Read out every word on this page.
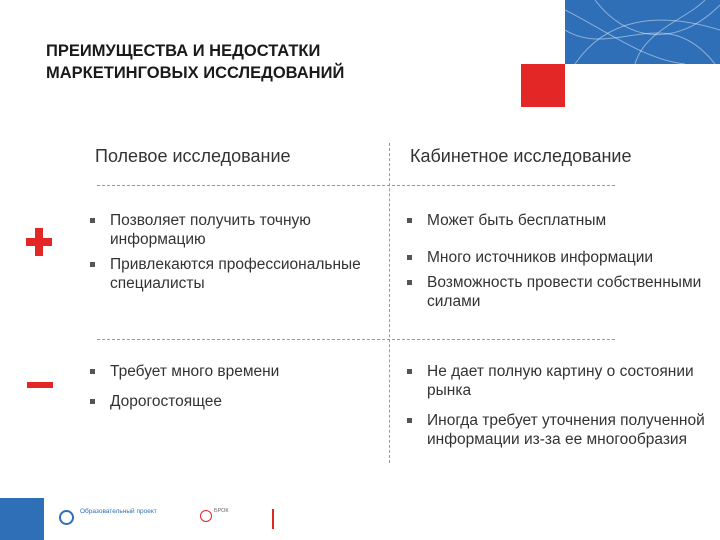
ПРЕИМУЩЕСТВА И НЕДОСТАТКИ
МАРКЕТИНГОВЫХ ИССЛЕДОВАНИЙ
Полевое исследование	Кабинетное исследование
Позволяет получить точную информацию
Привлекаются профессиональные специалисты
Может быть бесплатным
Много источников информации
Возможность провести собственными силами
Требует много времени
Дорогостоящее
Не дает полную картину о состоянии рынка
Иногда требует уточнения полученной информации из-за ее многообразия
Образовательный проект	БРОК
